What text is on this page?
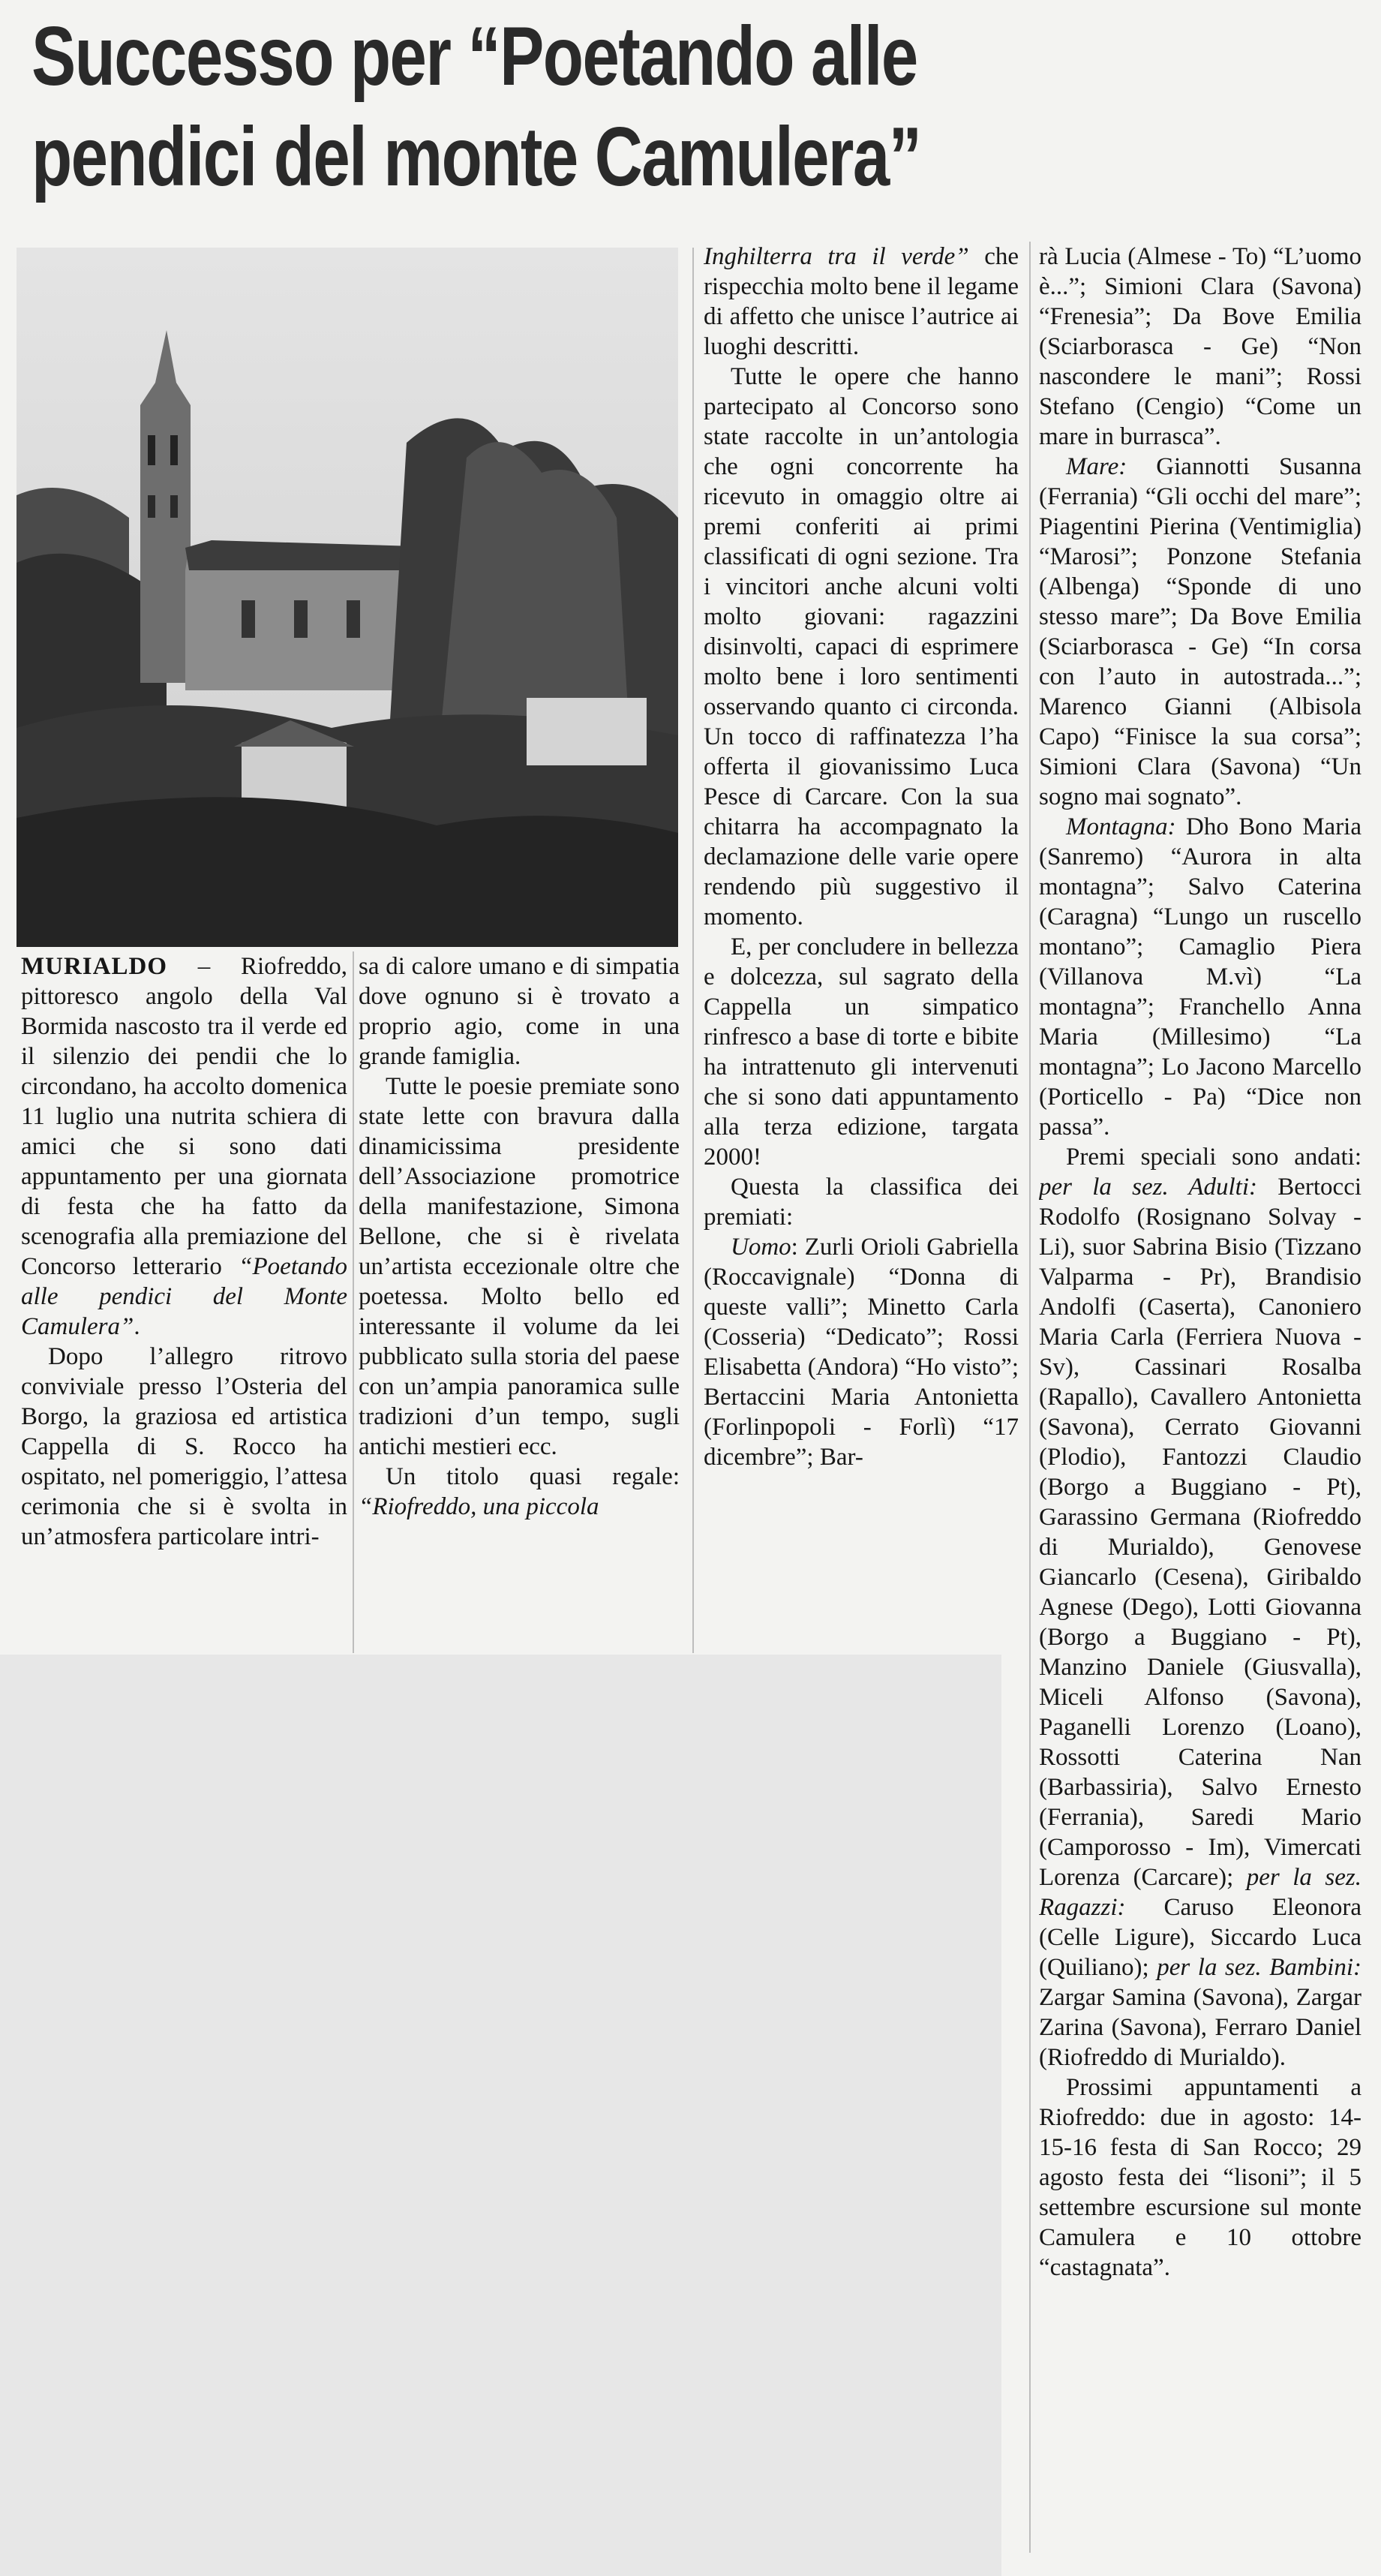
Successo per “Poetando alle
pendici del monte Camulera”

MURIALDO – Riofreddo, pittoresco angolo della Val Bormida nascosto tra il verde ed il silenzio dei pendii che lo circondano, ha accolto domenica 11 luglio una nutrita schiera di amici che si sono dati appuntamento per una giornata di festa che ha fatto da scenografia alla premiazione del Concorso letterario “Poetando alle pendici del Monte Camulera”.

Dopo l’allegro ritrovo conviviale presso l’Osteria del Borgo, la graziosa ed artistica Cappella di S. Rocco ha ospitato, nel pomeriggio, l’attesa cerimonia che si è svolta in un’atmosfera particolare intri-

sa di calore umano e di simpatia dove ognuno si è trovato a proprio agio, come in una grande famiglia.

Tutte le poesie premiate sono state lette con bravura dalla dinamicissima presidente dell’Associazione promotrice della manifestazione, Simona Bellone, che si è rivelata un’artista eccezionale oltre che poetessa. Molto bello ed interessante il volume da lei pubblicato sulla storia del paese con un’ampia panoramica sulle tradizioni d’un tempo, sugli antichi mestieri ecc.

Un titolo quasi regale: “Riofreddo, una piccola

Inghilterra tra il verde” che rispecchia molto bene il legame di affetto che unisce l’autrice ai luoghi descritti.

Tutte le opere che hanno partecipato al Concorso sono state raccolte in un’antologia che ogni concorrente ha ricevuto in omaggio oltre ai premi conferiti ai primi classificati di ogni sezione. Tra i vincitori anche alcuni volti molto giovani: ragazzini disinvolti, capaci di esprimere molto bene i loro sentimenti osservando quanto ci circonda. Un tocco di raffinatezza l’ha offerta il giovanissimo Luca Pesce di Carcare. Con la sua chitarra ha accompagnato la declamazione delle varie opere rendendo più suggestivo il momento.

E, per concludere in bellezza e dolcezza, sul sagrato della Cappella un simpatico rinfresco a base di torte e bibite ha intrattenuto gli intervenuti che si sono dati appuntamento alla terza edizione, targata 2000!

Questa la classifica dei premiati:

Uomo: Zurli Orioli Gabriella (Roccavignale) “Donna di queste valli”; Minetto Carla (Cosseria) “Dedicato”; Rossi Elisabetta (Andora) “Ho visto”; Bertaccini Maria Antonietta (Forlinpopoli - Forlì) “17 dicembre”; Bar-

rà Lucia (Almese - To) “L’uomo è...”; Simioni Clara (Savona) “Frenesia”; Da Bove Emilia (Sciarborasca - Ge) “Non nascondere le mani”; Rossi Stefano (Cengio) “Come un mare in burrasca”.

Mare: Giannotti Susanna (Ferrania) “Gli occhi del mare”; Piagentini Pierina (Ventimiglia) “Marosi”; Ponzone Stefania (Albenga) “Sponde di uno stesso mare”; Da Bove Emilia (Sciarborasca - Ge) “In corsa con l’auto in autostrada...”; Marenco Gianni (Albisola Capo) “Finisce la sua corsa”; Simioni Clara (Savona) “Un sogno mai sognato”.

Montagna: Dho Bono Maria (Sanremo) “Aurora in alta montagna”; Salvo Caterina (Caragna) “Lungo un ruscello montano”; Camaglio Piera (Villanova M.vì) “La montagna”; Franchello Anna Maria (Millesimo) “La montagna”; Lo Jacono Marcello (Porticello - Pa) “Dice non passa”.

Premi speciali sono andati: per la sez. Adulti: Bertocci Rodolfo (Rosignano Solvay - Li), suor Sabrina Bisio (Tizzano Valparma - Pr), Brandisio Andolfi (Caserta), Canoniero Maria Carla (Ferriera Nuova - Sv), Cassinari Rosalba (Rapallo), Cavallero Antonietta (Savona), Cerrato Giovanni (Plodio), Fantozzi Claudio (Borgo a Buggiano - Pt), Garassino Germana (Riofreddo di Murialdo), Genovese Giancarlo (Cesena), Giribaldo Agnese (Dego), Lotti Giovanna (Borgo a Buggiano - Pt), Manzino Daniele (Giusvalla), Miceli Alfonso (Savona), Paganelli Lorenzo (Loano), Rossotti Caterina Nan (Barbassiria), Salvo Ernesto (Ferrania), Saredi Mario (Camporosso - Im), Vimercati Lorenza (Carcare); per la sez. Ragazzi: Caruso Eleonora (Celle Ligure), Siccardo Luca (Quiliano); per la sez. Bambini: Zargar Samina (Savona), Zargar Zarina (Savona), Ferraro Daniel (Riofreddo di Murialdo).

Prossimi appuntamenti a Riofreddo: due in agosto: 14-15-16 festa di San Rocco; 29 agosto festa dei “lisoni”; il 5 settembre escursione sul monte Camulera e 10 ottobre “castagnata”.
